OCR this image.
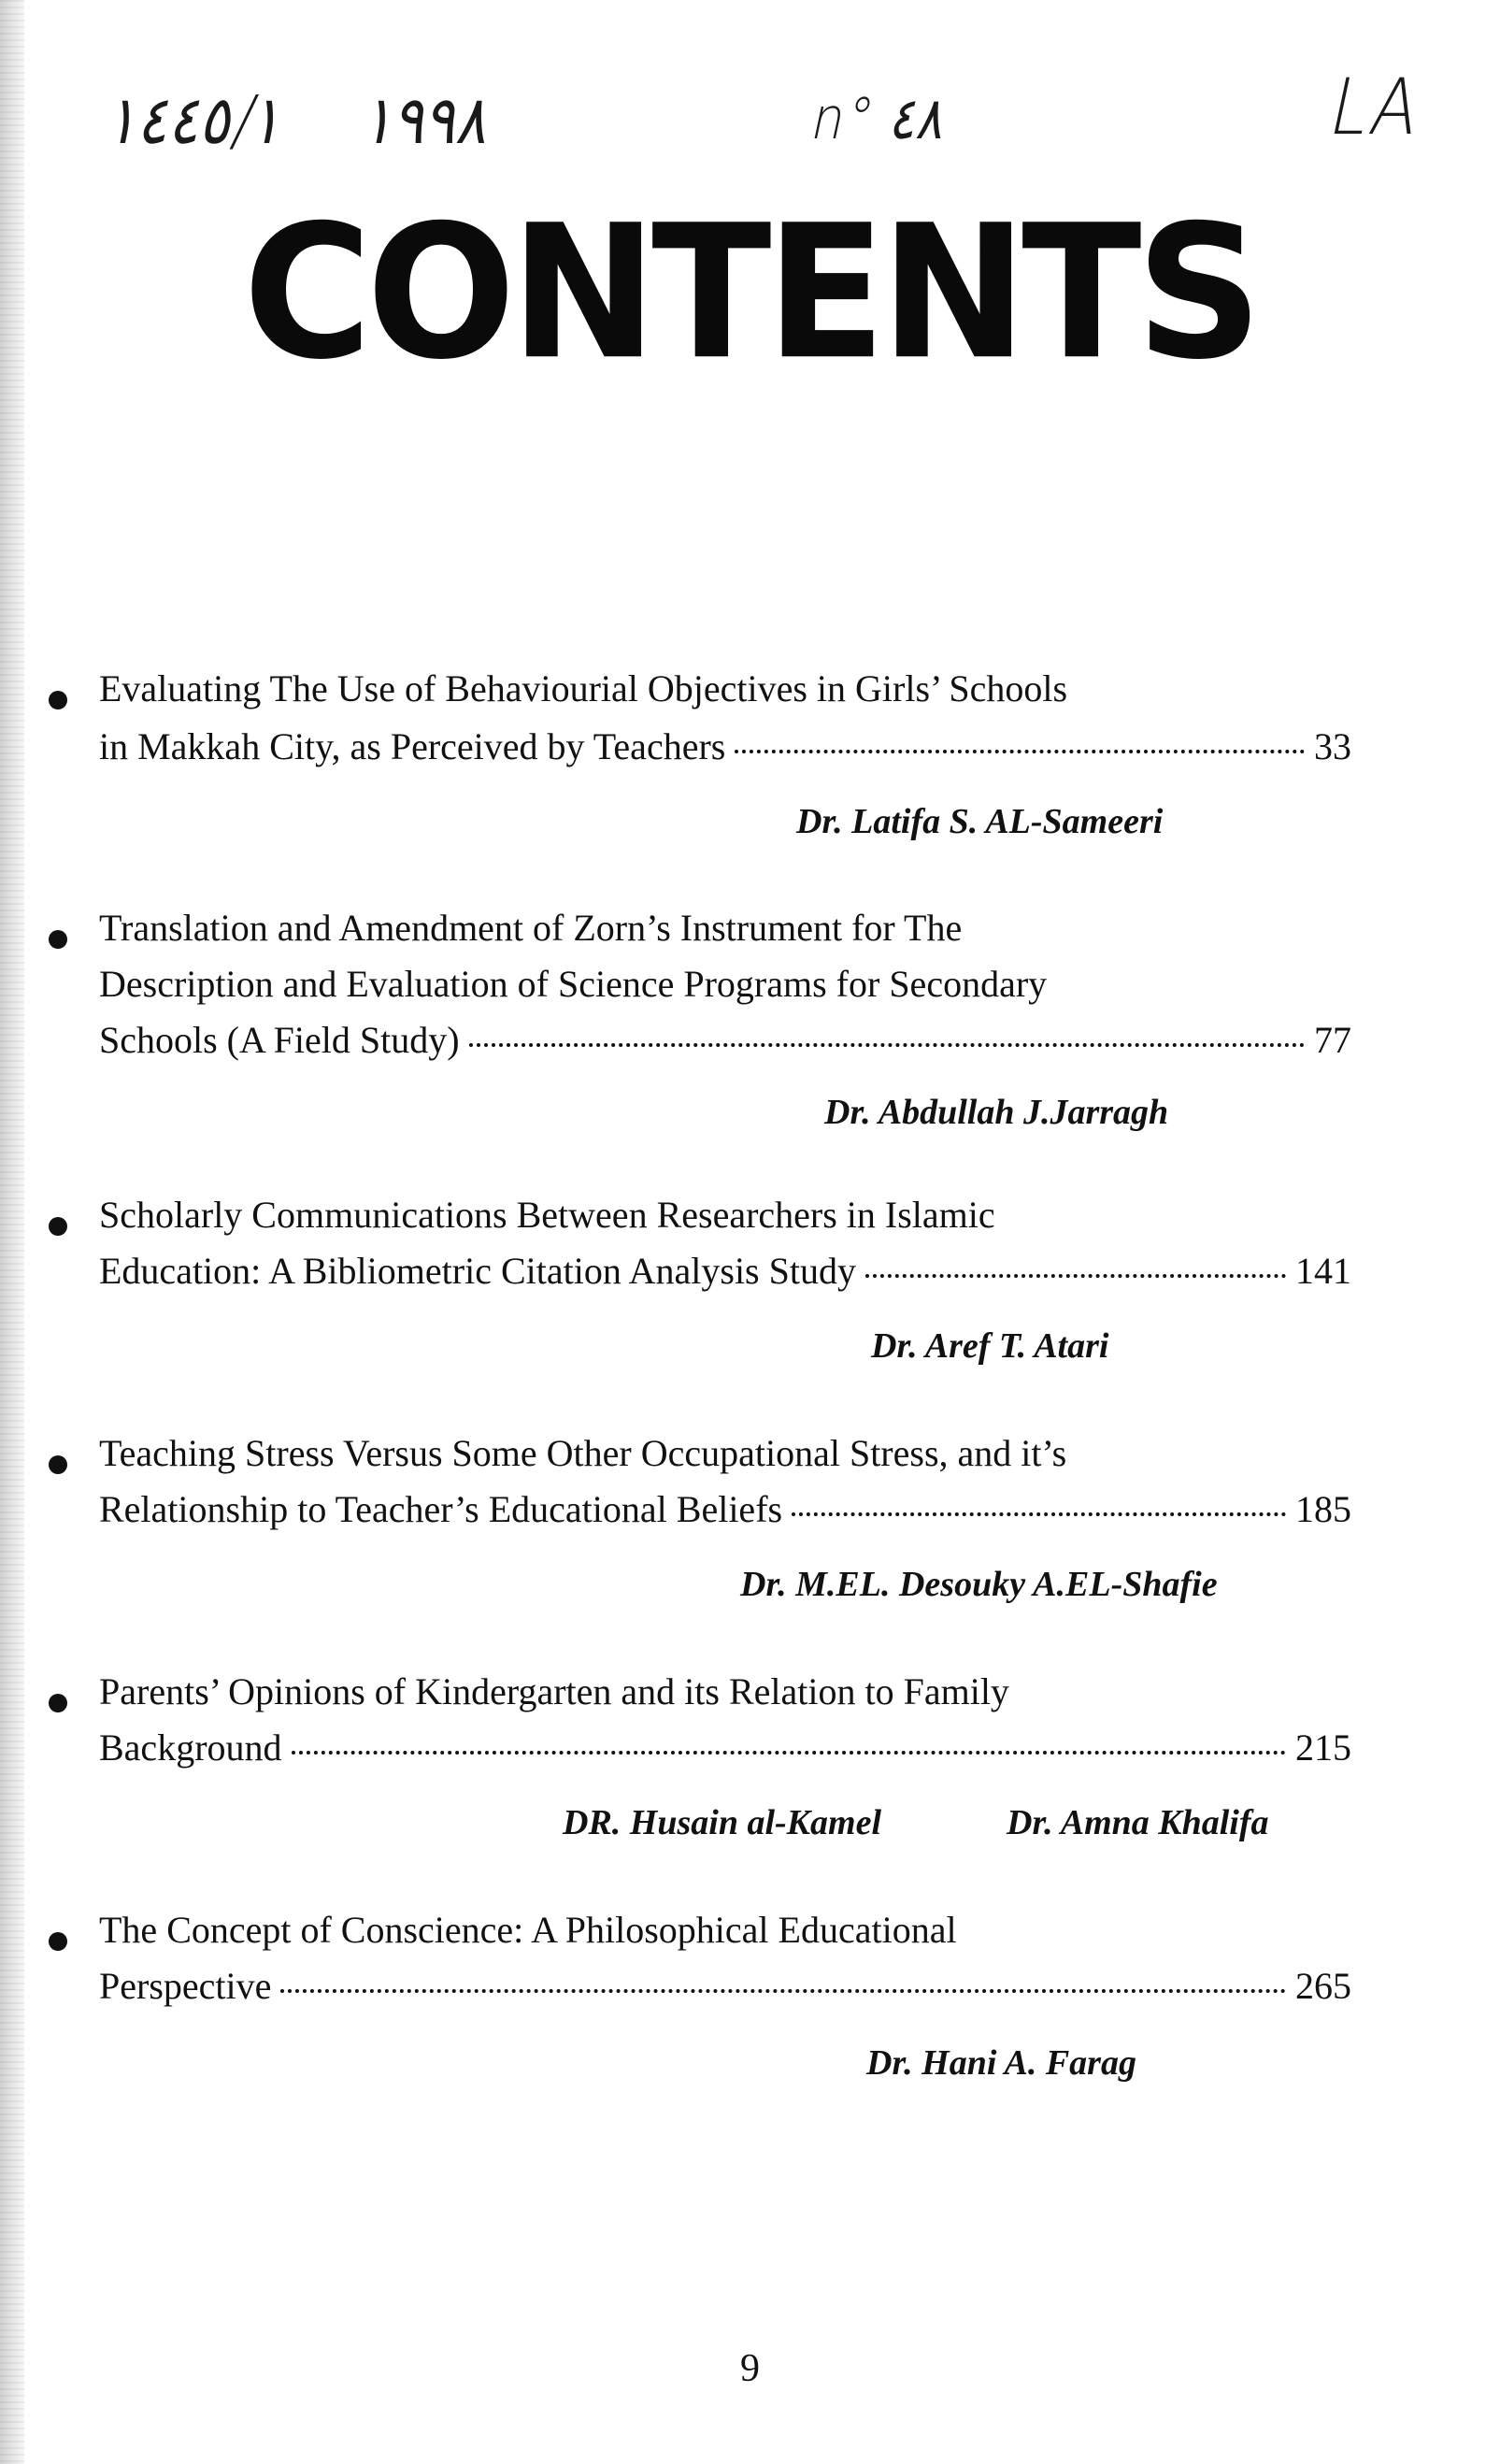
١٤٤٥/١ ١٩٩٨	n° ٤٨	LA
CONTENTS
Evaluating The Use of Behaviourial Objectives in Girls’ Schools
in Makkah City, as Perceived by Teachers	33
Dr. Latifa S. AL-Sameeri
Translation and Amendment of Zorn’s Instrument for The
Description and Evaluation of Science Programs for Secondary
Schools (A Field Study)	77
Dr. Abdullah J.Jarragh
Scholarly Communications Between Researchers in Islamic
Education: A Bibliometric Citation Analysis Study	141
Dr. Aref T. Atari
Teaching Stress Versus Some Other Occupational Stress, and it’s
Relationship to Teacher’s Educational Beliefs	185
Dr. M.EL. Desouky A.EL-Shafie
Parents’ Opinions of Kindergarten and its Relation to Family
Background	215
DR. Husain al-Kamel	Dr. Amna Khalifa
The Concept of Conscience: A Philosophical Educational
Perspective	265
Dr. Hani A. Farag
9
